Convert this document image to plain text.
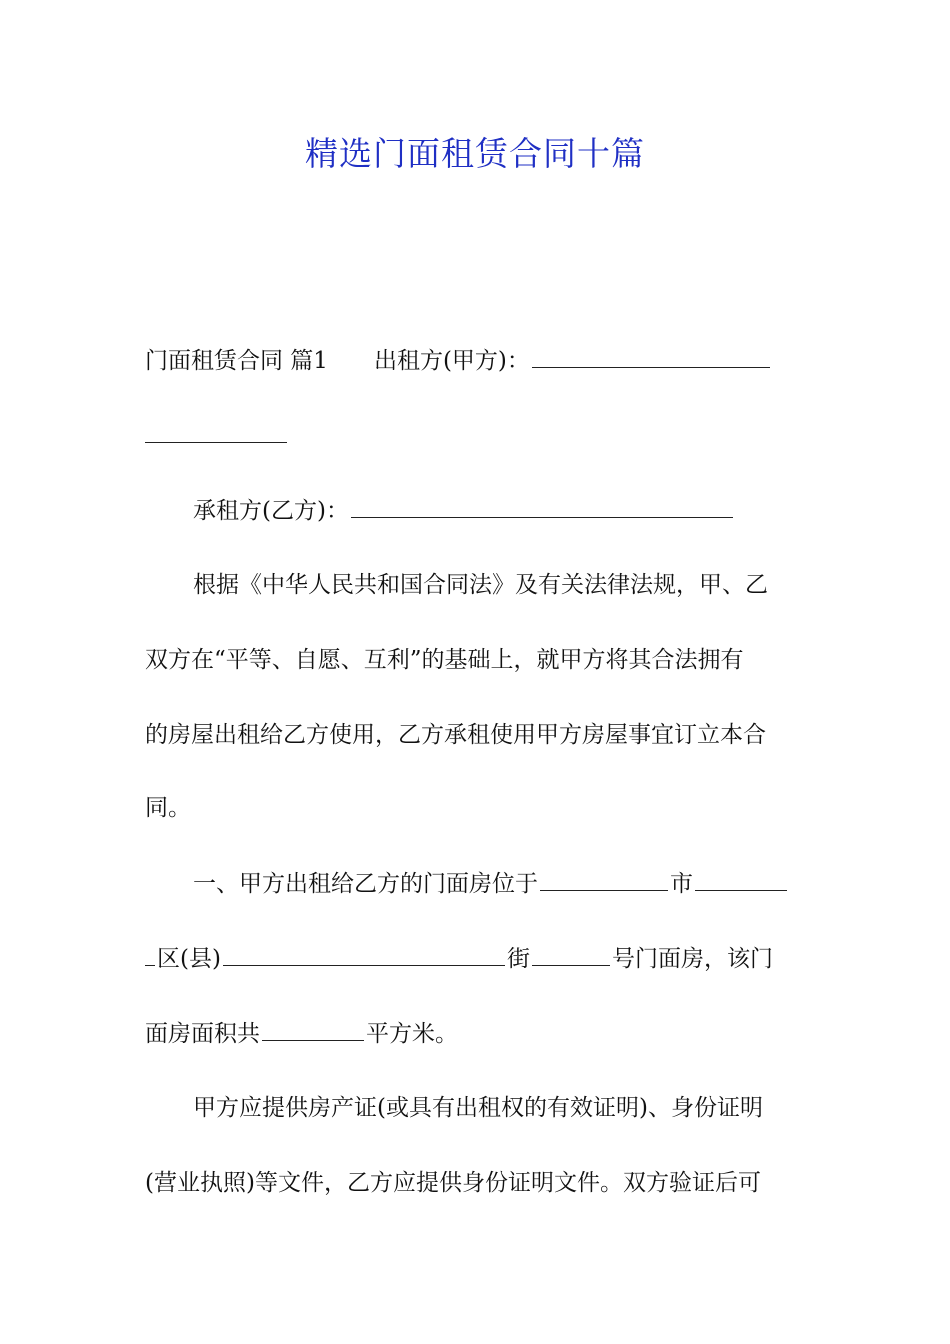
精选门面租赁合同十篇

门面租赁合同 篇1 出租方(甲方)：

承租方(乙方)：

根据《中华人民共和国合同法》及有关法律法规，甲、乙

双方在“平等、自愿、互利”的基础上，就甲方将其合法拥有

的房屋出租给乙方使用，乙方承租使用甲方房屋事宜订立本合

同。

一、甲方出租给乙方的门面房位于	市

区(县)	街	号门面房，该门

面房面积共	平方米。

甲方应提供房产证(或具有出租权的有效证明)、身份证明

(营业执照)等文件，乙方应提供身份证明文件。双方验证后可
